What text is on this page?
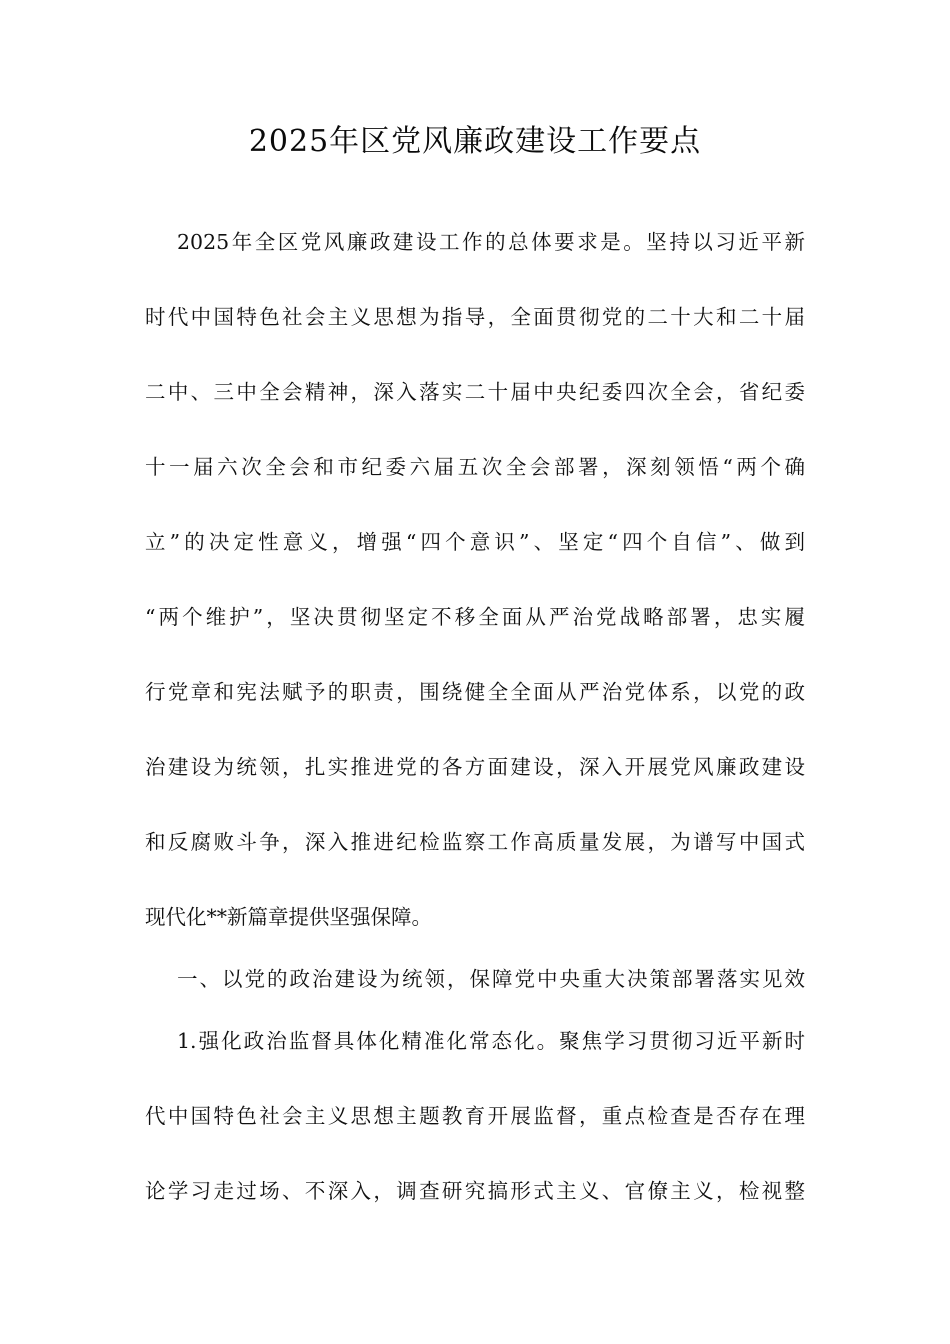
2025年区党风廉政建设工作要点
2025年全区党风廉政建设工作的总体要求是。坚持以习近平新
时代中国特色社会主义思想为指导，全面贯彻党的二十大和二十届
二中、三中全会精神，深入落实二十届中央纪委四次全会，省纪委
十一届六次全会和市纪委六届五次全会部署，深刻领悟“两个确
立”的决定性意义，增强“四个意识”、坚定“四个自信”、做到
“两个维护”，坚决贯彻坚定不移全面从严治党战略部署，忠实履
行党章和宪法赋予的职责，围绕健全全面从严治党体系，以党的政
治建设为统领，扎实推进党的各方面建设，深入开展党风廉政建设
和反腐败斗争，深入推进纪检监察工作高质量发展，为谱写中国式
现代化**新篇章提供坚强保障。
一、以党的政治建设为统领，保障党中央重大决策部署落实见效
1.强化政治监督具体化精准化常态化。聚焦学习贯彻习近平新时
代中国特色社会主义思想主题教育开展监督，重点检查是否存在理
论学习走过场、不深入，调查研究搞形式主义、官僚主义，检视整
